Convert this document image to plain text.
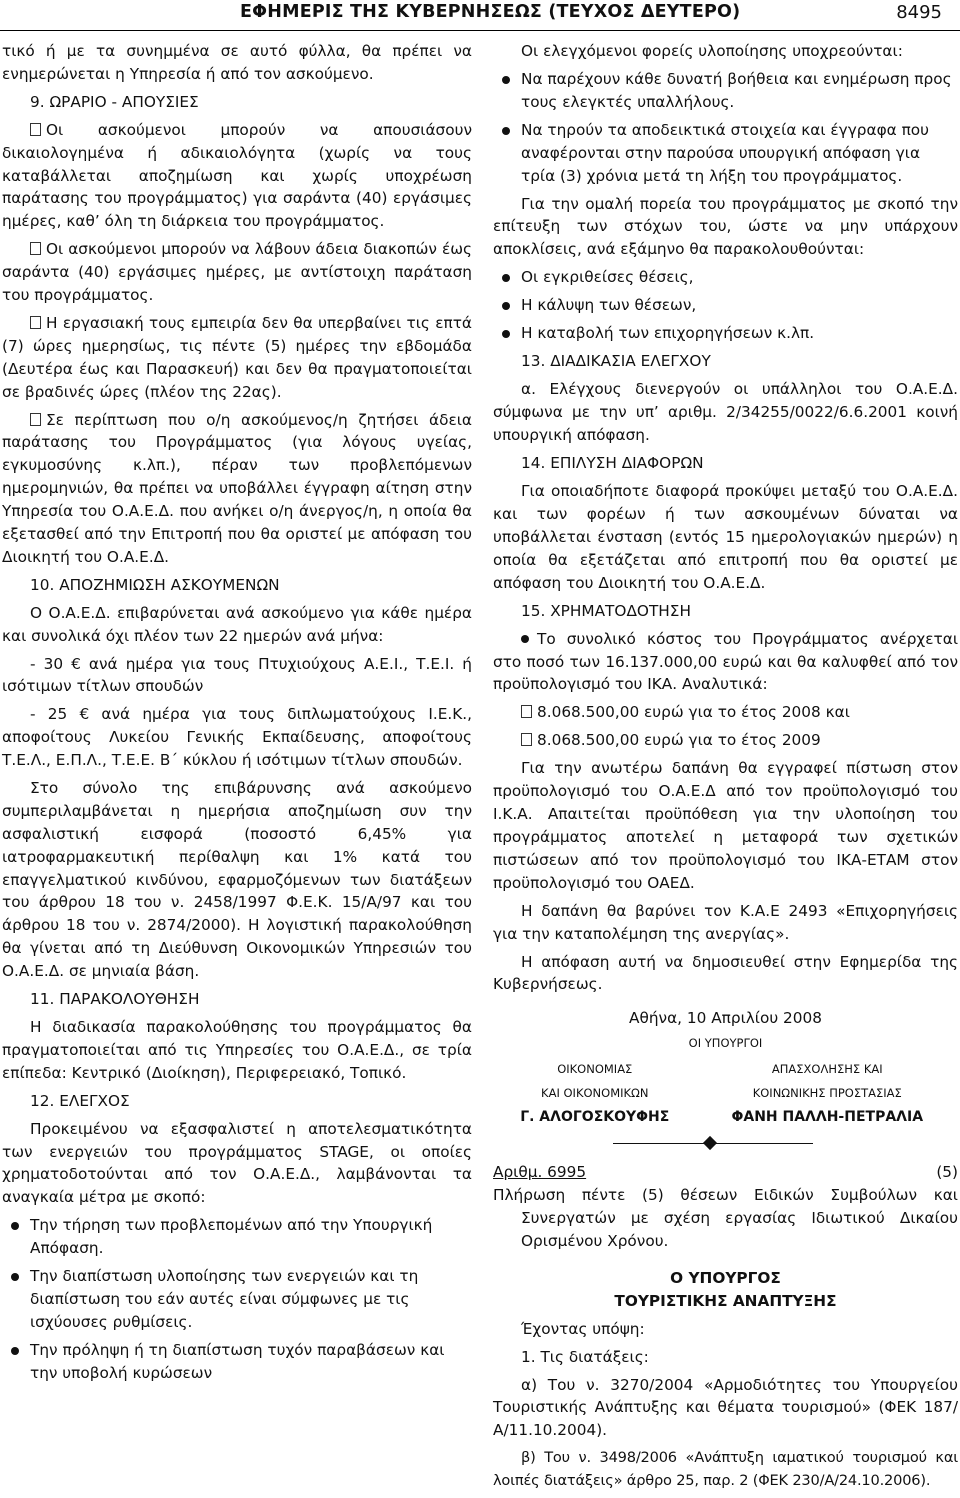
ΕΦΗΜΕΡΙΣ ΤΗΣ ΚΥΒΕΡΝΗΣΕΩΣ (ΤΕΥΧΟΣ ΔΕΥΤΕΡΟ)	8495

τικό ή με τα συνημμένα σε αυτό φύλλα, θα πρέπει να ενημερώνεται η Υπηρεσία ή από τον ασκούμενο.

9. ΩΡΑΡΙΟ ‑ ΑΠΟΥΣΙΕΣ

Οι ασκούμενοι μπορούν να απουσιάσουν δικαιολογημένα ή αδικαιολόγητα (χωρίς να τους καταβάλλεται αποζημίωση και χωρίς υποχρέωση παράτασης του προγράμματος) για σαράντα (40) εργάσιμες ημέρες, καθ’ όλη τη διάρκεια του προγράμματος.

Οι ασκούμενοι μπορούν να λάβουν άδεια διακοπών έως σαράντα (40) εργάσιμες ημέρες, με αντίστοιχη παράταση του προγράμματος.

Η εργασιακή τους εμπειρία δεν θα υπερβαίνει τις επτά (7) ώρες ημερησίως, τις πέντε (5) ημέρες την εβδομάδα (Δευτέρα έως και Παρασκευή) και δεν θα πραγματοποιείται σε βραδινές ώρες (πλέον της 22ας).

Σε περίπτωση που ο/η ασκούμενος/η ζητήσει άδεια παράτασης του Προγράμματος (για λόγους υγείας, εγκυμοσύνης κ.λπ.), πέραν των προβλεπόμενων ημερομηνιών, θα πρέπει να υποβάλλει έγγραφη αίτηση στην Υπηρεσία του Ο.Α.Ε.Δ. που ανήκει ο/η άνεργος/η, η οποία θα εξετασθεί από την Επιτροπή που θα οριστεί με απόφαση του Διοικητή του Ο.Α.Ε.Δ.

10. ΑΠΟΖΗΜΙΩΣΗ ΑΣΚΟΥΜΕΝΩΝ

Ο Ο.Α.Ε.Δ. επιβαρύνεται ανά ασκούμενο για κάθε ημέρα και συνολικά όχι πλέον των 22 ημερών ανά μήνα:

‑ 30 € ανά ημέρα για τους Πτυχιούχους Α.Ε.Ι., Τ.Ε.Ι. ή ισότιμων τίτλων σπουδών

‑ 25 € ανά ημέρα για τους διπλωματούχους Ι.Ε.Κ., αποφοίτους Λυκείου Γενικής Εκπαίδευσης, αποφοίτους Τ.Ε.Λ., Ε.Π.Λ., Τ.Ε.Ε. Β΄ κύκλου ή ισότιμων τίτλων σπουδών.

Στο σύνολο της επιβάρυνσης ανά ασκούμενο συμπεριλαμβάνεται η ημερήσια αποζημίωση συν την ασφαλιστική εισφορά (ποσοστό 6,45% για ιατροφαρμακευτική περίθαλψη και 1% κατά του επαγγελματικού κινδύνου, εφαρμοζόμενων των διατάξεων του άρθρου 18 του ν. 2458/1997 Φ.Ε.Κ. 15/Α/97 και του άρθρου 18 του ν. 2874/2000). Η λογιστική παρακολούθηση θα γίνεται από τη Διεύθυνση Οικονομικών Υπηρεσιών του Ο.Α.Ε.Δ. σε μηνιαία βάση.

11. ΠΑΡΑΚΟΛΟΥΘΗΣΗ

Η διαδικασία παρακολούθησης του προγράμματος θα πραγματοποιείται από τις Υπηρεσίες του Ο.Α.Ε.Δ., σε τρία επίπεδα: Κεντρικό (Διοίκηση), Περιφερειακό, Τοπικό.

12. ΕΛΕΓΧΟΣ

Προκειμένου να εξασφαλιστεί η αποτελεσματικότητα των ενεργειών του προγράμματος STAGE, οι οποίες χρηματοδοτούνται από τον Ο.Α.Ε.Δ., λαμβάνονται τα αναγκαία μέτρα με σκοπό:

Την τήρηση των προβλεπομένων από την Υπουργική Απόφαση.
Την διαπίστωση υλοποίησης των ενεργειών και τη διαπίστωση του εάν αυτές είναι σύμφωνες με τις ισχύουσες ρυθμίσεις.
Την πρόληψη ή τη διαπίστωση τυχόν παραβάσεων και την υποβολή κυρώσεων

Οι ελεγχόμενοι φορείς υλοποίησης υποχρεούνται:

Να παρέχουν κάθε δυνατή βοήθεια και ενημέρωση προς τους ελεγκτές υπαλλήλους.
Να τηρούν τα αποδεικτικά στοιχεία και έγγραφα που αναφέρονται στην παρούσα υπουργική απόφαση για τρία (3) χρόνια μετά τη λήξη του προγράμματος.

Για την ομαλή πορεία του προγράμματος με σκοπό την επίτευξη των στόχων του, ώστε να μην υπάρχουν αποκλίσεις, ανά εξάμηνο θα παρακολουθούνται:

Οι εγκριθείσες θέσεις,
Η κάλυψη των θέσεων,
Η καταβολή των επιχορηγήσεων κ.λπ.

13. ΔΙΑΔΙΚΑΣΙΑ ΕΛΕΓΧΟΥ

α. Ελέγχους διενεργούν οι υπάλληλοι του Ο.Α.Ε.Δ. σύμφωνα με την υπ’ αριθμ. 2/34255/0022/6.6.2001 κοινή υπουργική απόφαση.

14. ΕΠΙΛΥΣΗ ΔΙΑΦΟΡΩΝ

Για οποιαδήποτε διαφορά προκύψει μεταξύ του Ο.Α.Ε.Δ. και των φορέων ή των ασκουμένων δύναται να υποβάλλεται ένσταση (εντός 15 ημερολογιακών ημερών) η οποία θα εξετάζεται από επιτροπή που θα οριστεί με απόφαση του Διοικητή του Ο.Α.Ε.Δ.

15. ΧΡΗΜΑΤΟΔΟΤΗΣΗ

Το συνολικό κόστος του Προγράμματος ανέρχεται στο ποσό των 16.137.000,00 ευρώ και θα καλυφθεί από τον προϋπολογισμό του ΙΚΑ. Αναλυτικά:

8.068.500,00 ευρώ για το έτος 2008 και

8.068.500,00 ευρώ για το έτος 2009

Για την ανωτέρω δαπάνη θα εγγραφεί πίστωση στον προϋπολογισμό του Ο.Α.Ε.Δ από τον προϋπολογισμό του Ι.Κ.Α. Απαιτείται προϋπόθεση για την υλοποίηση του προγράμματος αποτελεί η μεταφορά των σχετικών πιστώσεων από τον προϋπολογισμό του ΙΚΑ‑ΕΤΑΜ στον προϋπολογισμό του ΟΑΕΔ.

Η δαπάνη θα βαρύνει τον Κ.Α.Ε 2493 «Επιχορηγήσεις για την καταπολέμηση της ανεργίας».

Η απόφαση αυτή να δημοσιευθεί στην Εφημερίδα της Κυβερνήσεως.

Αθήνα, 10 Απριλίου 2008

ΟΙ ΥΠΟΥΡΓΟΙ
ΟΙΚΟΝΟΜΙΑΣ	ΑΠΑΣΧΟΛΗΣΗΣ ΚΑΙ

ΚΑΙ ΟΙΚΟΝΟΜΙΚΩΝ	ΚΟΙΝΩΝΙΚΗΣ ΠΡΟΣΤΑΣΙΑΣ

Γ. ΑΛΟΓΟΣΚΟΥΦΗΣ	ΦΑΝΗ ΠΑΛΛΗ‑ΠΕΤΡΑΛΙΑ
Αριθμ. 6995	(5)

Πλήρωση πέντε (5) θέσεων Ειδικών Συμβούλων και Συνεργατών με σχέση εργασίας Ιδιωτικού Δικαίου Ορισμένου Χρόνου.

Ο ΥΠΟΥΡΓΟΣ

ΤΟΥΡΙΣΤΙΚΗΣ ΑΝΑΠΤΥΞΗΣ

Έχοντας υπόψη:

1. Τις διατάξεις:

α) Του ν. 3270/2004 «Αρμοδιότητες του Υπουργείου Τουριστικής Ανάπτυξης και θέματα τουρισμού» (ΦΕΚ 187/Α/11.10.2004).

β) Του ν. 3498/2006 «Ανάπτυξη ιαματικού τουρισμού και λοιπές διατάξεις» άρθρο 25, παρ. 2 (ΦΕΚ 230/Α/24.10.2006).
